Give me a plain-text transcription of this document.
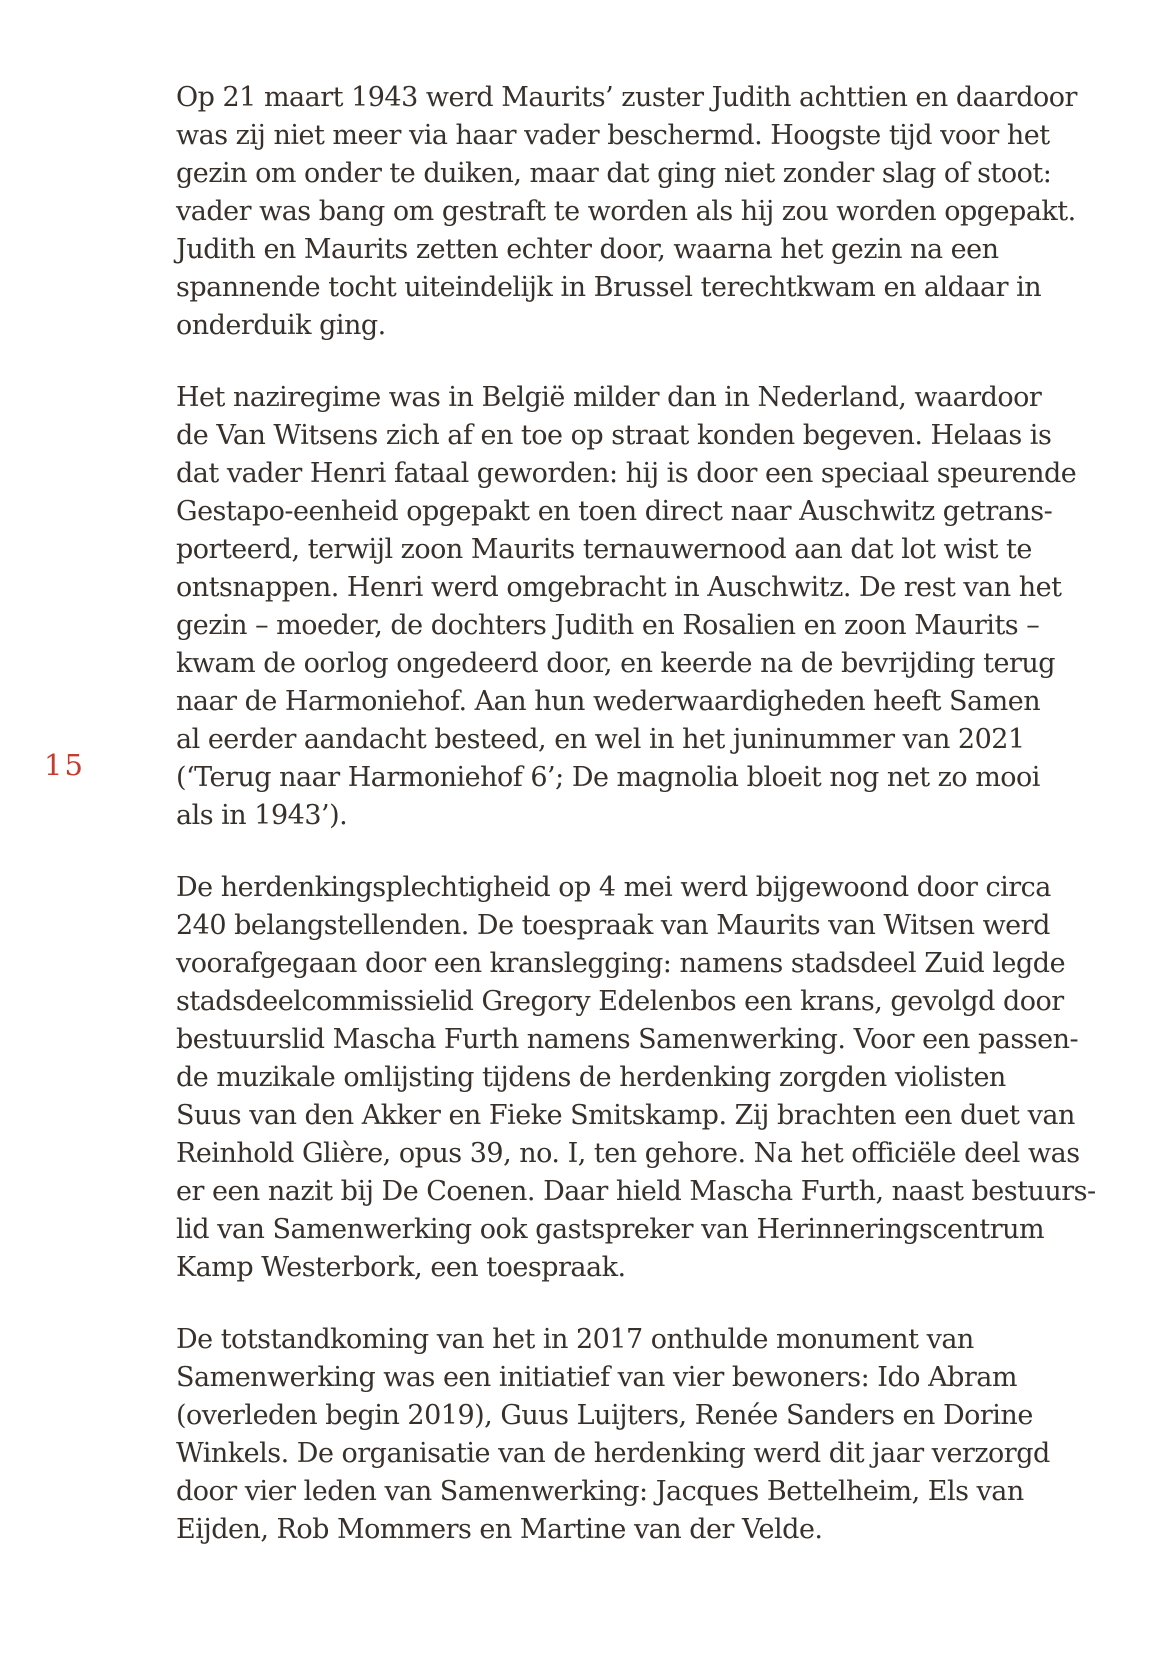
15
Op 21 maart 1943 werd Maurits’ zuster Judith achttien en daardoor
was zij niet meer via haar vader beschermd. Hoogste tijd voor het
gezin om onder te duiken, maar dat ging niet zonder slag of stoot:
vader was bang om gestraft te worden als hij zou worden opgepakt.
Judith en Maurits zetten echter door, waarna het gezin na een
spannende tocht uiteindelijk in Brussel terechtkwam en aldaar in
onderduik ging.
Het naziregime was in België milder dan in Nederland, waardoor
de Van Witsens zich af en toe op straat konden begeven. Helaas is
dat vader Henri fataal geworden: hij is door een speciaal speurende
Gestapo-eenheid opgepakt en toen direct naar Auschwitz getrans-
porteerd, terwijl zoon Maurits ternauwernood aan dat lot wist te
ontsnappen. Henri werd omgebracht in Auschwitz. De rest van het
gezin – moeder, de dochters Judith en Rosalien en zoon Maurits –
kwam de oorlog ongedeerd door, en keerde na de bevrijding terug
naar de Harmoniehof. Aan hun wederwaardigheden heeft Samen
al eerder aandacht besteed, en wel in het juninummer van 2021
(‘Terug naar Harmoniehof 6’; De magnolia bloeit nog net zo mooi
als in 1943’).
De herdenkingsplechtigheid op 4 mei werd bijgewoond door circa
240 belangstellenden. De toespraak van Maurits van Witsen werd
voorafgegaan door een kranslegging: namens stadsdeel Zuid legde
stadsdeelcommissielid Gregory Edelenbos een krans, gevolgd door
bestuurslid Mascha Furth namens Samenwerking. Voor een passen-
de muzikale omlijsting tijdens de herdenking zorgden violisten
Suus van den Akker en Fieke Smitskamp. Zij brachten een duet van
Reinhold Glière, opus 39, no. I, ten gehore. Na het officiële deel was
er een nazit bij De Coenen. Daar hield Mascha Furth, naast bestuurs-
lid van Samenwerking ook gastspreker van Herinneringscentrum
Kamp Westerbork, een toespraak.
De totstandkoming van het in 2017 onthulde monument van
Samenwerking was een initiatief van vier bewoners: Ido Abram
(overleden begin 2019), Guus Luijters, Renée Sanders en Dorine
Winkels. De organisatie van de herdenking werd dit jaar verzorgd
door vier leden van Samenwerking: Jacques Bettelheim, Els van
Eijden, Rob Mommers en Martine van der Velde.
